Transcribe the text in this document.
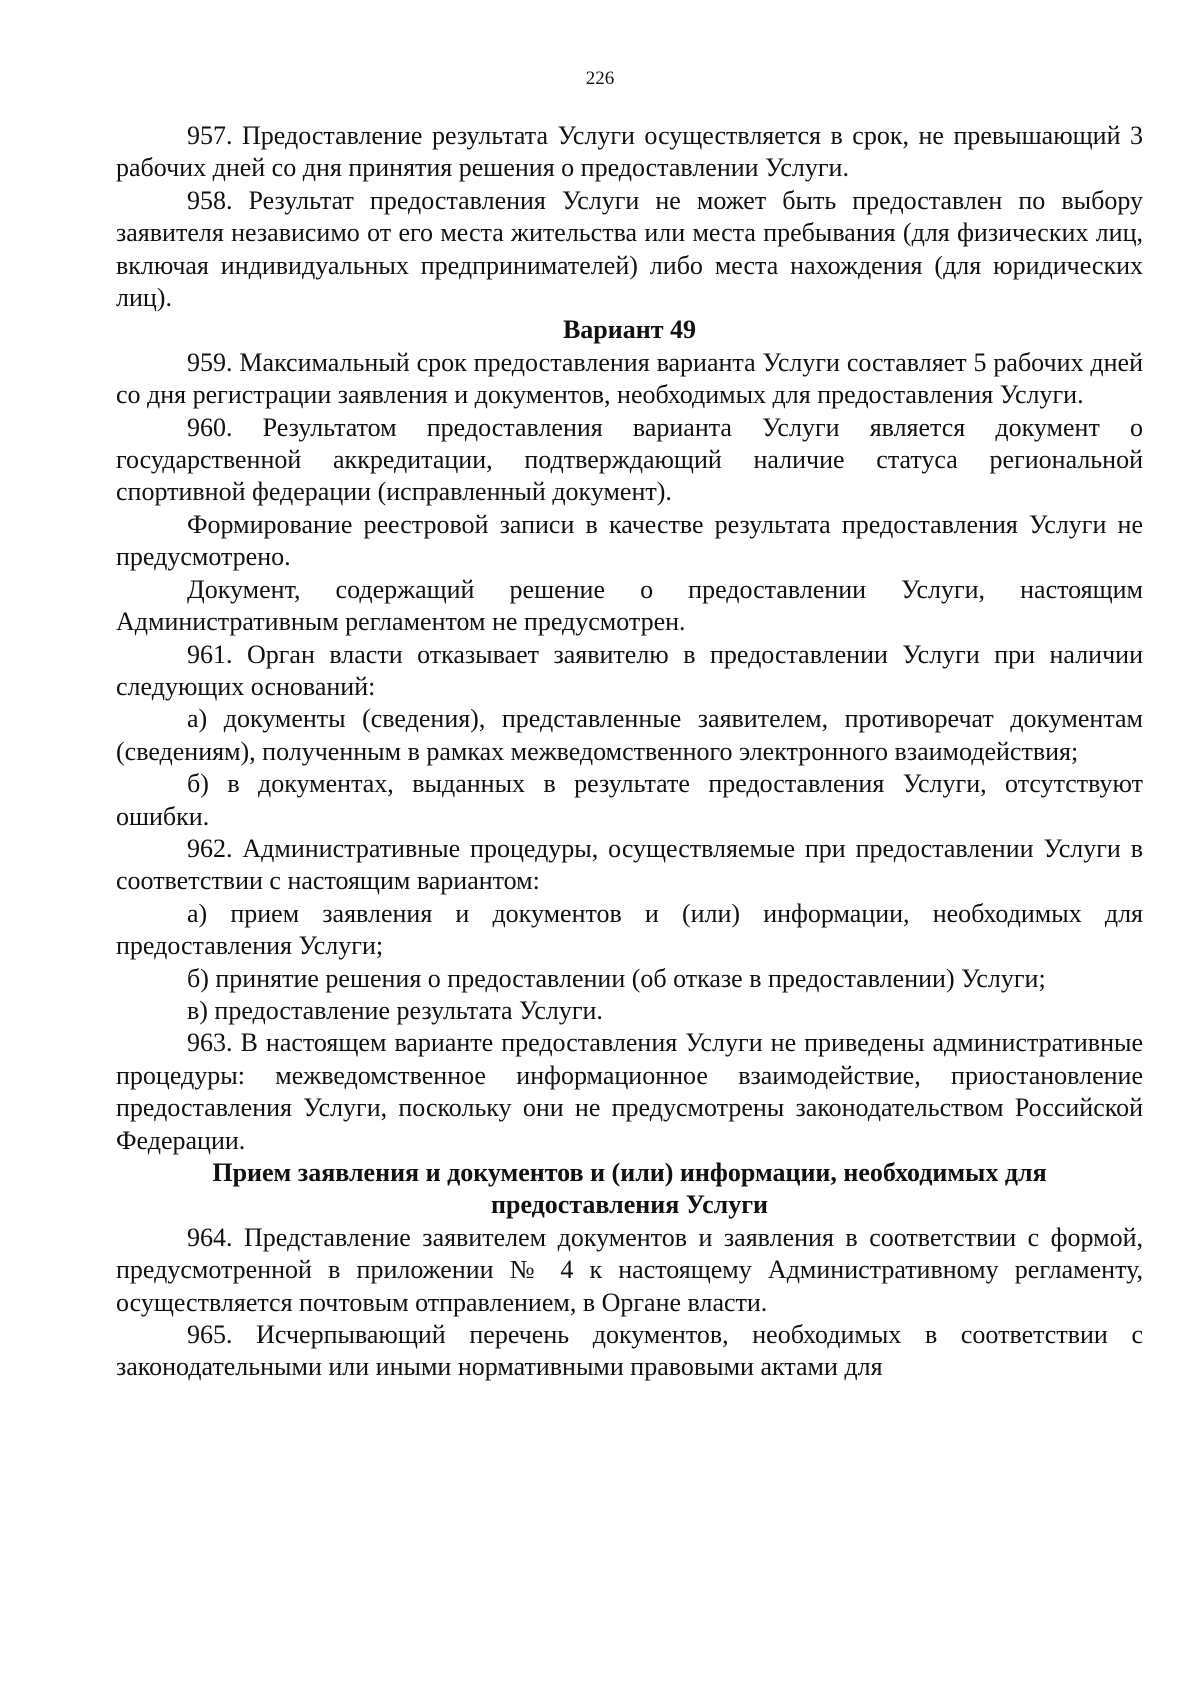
226

957. Предоставление результата Услуги осуществляется в срок, не превышающий 3 рабочих дней со дня принятия решения о предоставлении Услуги.

958. Результат предоставления Услуги не может быть предоставлен по выбору заявителя независимо от его места жительства или места пребывания (для физических лиц, включая индивидуальных предпринимателей) либо места нахождения (для юридических лиц).

Вариант 49

959. Максимальный срок предоставления варианта Услуги составляет 5 рабочих дней со дня регистрации заявления и документов, необходимых для предоставления Услуги.

960. Результатом предоставления варианта Услуги является документ о государственной аккредитации, подтверждающий наличие статуса региональной спортивной федерации (исправленный документ).

Формирование реестровой записи в качестве результата предоставления Услуги не предусмотрено.

Документ, содержащий решение о предоставлении Услуги, настоящим Административным регламентом не предусмотрен.

961. Орган власти отказывает заявителю в предоставлении Услуги при наличии следующих оснований:

а) документы (сведения), представленные заявителем, противоречат документам (сведениям), полученным в рамках межведомственного электронного взаимодействия;

б) в документах, выданных в результате предоставления Услуги, отсутствуют ошибки.

962. Административные процедуры, осуществляемые при предоставлении Услуги в соответствии с настоящим вариантом:

а) прием заявления и документов и (или) информации, необходимых для предоставления Услуги;

б) принятие решения о предоставлении (об отказе в предоставлении) Услуги;

в) предоставление результата Услуги.

963. В настоящем варианте предоставления Услуги не приведены административные процедуры: межведомственное информационное взаимодействие, приостановление предоставления Услуги, поскольку они не предусмотрены законодательством Российской Федерации.

Прием заявления и документов и (или) информации, необходимых для
предоставления Услуги

964. Представление заявителем документов и заявления в соответствии с формой, предусмотренной в приложении № 4 к настоящему Административному регламенту, осуществляется почтовым отправлением, в Органе власти.

965. Исчерпывающий перечень документов, необходимых в соответствии с законодательными или иными нормативными правовыми актами для
